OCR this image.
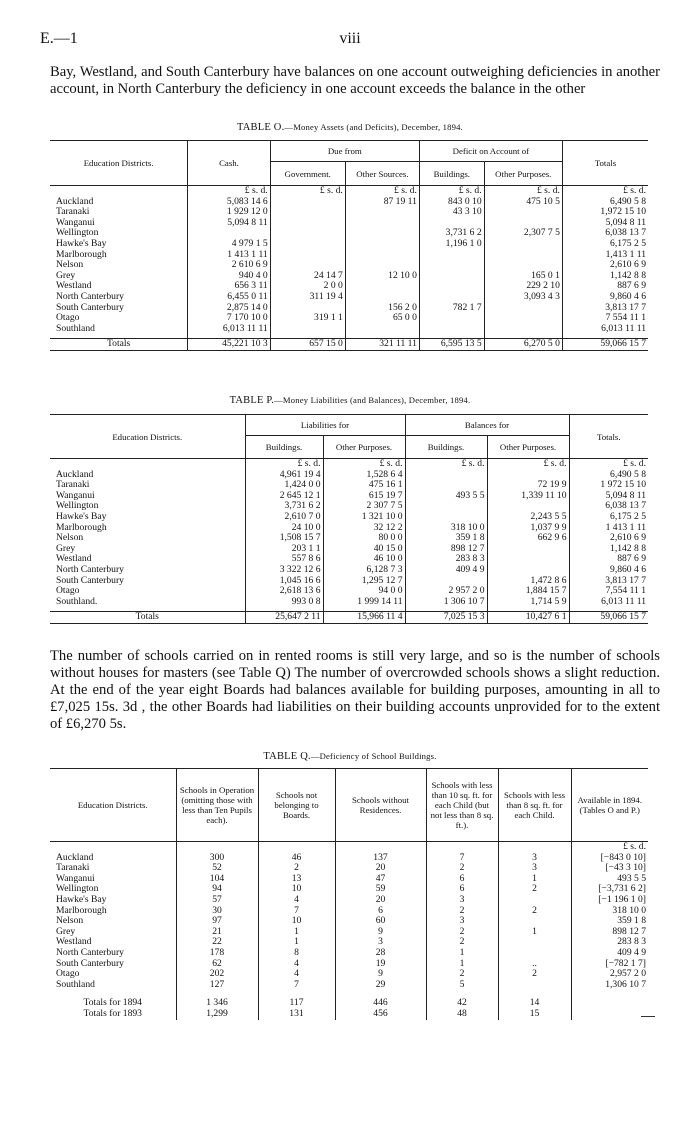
E.—1	viii

Bay, Westland, and South Canterbury have balances on one account outweighing deficiencies in another account, in North Canterbury the deficiency in one account exceeds the balance in the other

TABLE O.—Money Assets (and Deficits), December, 1894.
Education Districts.	Cash.	Due from		Deficit on Account of		Totals
		Government.	Other Sources.	Buildings.	Other Purposes.	
	£ s. d.	£ s. d.	£ s. d.	£ s. d.	£ s. d.	£ s. d.
Auckland	5,083 14 6		87 19 11	843 0 10	475 10 5	6,490 5 8
Taranaki	1 929 12 0			43 3 10		1,972 15 10
Wanganui	5,094 8 11					5,094 8 11
Wellington				3,731 6 2	2,307 7 5	6,038 13 7
Hawke's Bay	4 979 1 5			1,196 1 0		6,175 2 5
Marlborough	1 413 1 11					1,413 1 11
Nelson	2 610 6 9					2,610 6 9
Grey	940 4 0	24 14 7	12 10 0		165 0 1	1,142 8 8
Westland	656 3 11	2 0 0			229 2 10	887 6 9
North Canterbury	6,455 0 11	311 19 4			3,093 4 3	9,860 4 6
South Canterbury	2,875 14 0		156 2 0	782 1 7		3,813 17 7
Otago	7 170 10 0	319 1 1	65 0 0			7 554 11 1
Southland	6,013 11 11					6,013 11 11
Totals	45,221 10 3	657 15 0	321 11 11	6,595 13 5	6,270 5 0	59,066 15 7
TABLE P.—Money Liabilities (and Balances), December, 1894.
Education Districts.	Liabilities for		Balances for		Totals.
	Buildings.	Other Purposes.	Buildings.	Other Purposes.	
	£ s. d.	£ s. d.	£ s. d.	£ s. d.	£ s. d.
Auckland	4,961 19 4	1,528 6 4			6,490 5 8
Taranaki	1,424 0 0	475 16 1		72 19 9	1 972 15 10
Wanganui	2 645 12 1	615 19 7	493 5 5	1,339 11 10	5,094 8 11
Wellington	3,731 6 2	2 307 7 5			6,038 13 7
Hawke's Bay	2,610 7 0	1 321 10 0		2,243 5 5	6,175 2 5
Marlborough	24 10 0	32 12 2	318 10 0	1,037 9 9	1 413 1 11
Nelson	1,508 15 7	80 0 0	359 1 8	662 9 6	2,610 6 9
Grey	203 1 1	40 15 0	898 12 7		1,142 8 8
Westland	557 8 6	46 10 0	283 8 3		887 6 9
North Canterbury	3 322 12 6	6,128 7 3	409 4 9		9,860 4 6
South Canterbury	1,045 16 6	1,295 12 7		1,472 8 6	3,813 17 7
Otago	2,618 13 6	94 0 0	2 957 2 0	1,884 15 7	7,554 11 1
Southland.	993 0 8	1 999 14 11	1 306 10 7	1,714 5 9	6,013 11 11
Totals	25,647 2 11	15,966 11 4	7,025 15 3	10,427 6 1	59,066 15 7

The number of schools carried on in rented rooms is still very large, and so is the number of schools without houses for masters (see Table Q) The number of overcrowded schools shows a slight reduction. At the end of the year eight Boards had balances available for building purposes, amounting in all to £7,025 15s. 3d , the other Boards had liabilities on their building accounts unprovided for to the extent of £6,270 5s.

TABLE Q.—Deficiency of School Buildings.
Education Districts.	Schools in Operation (omitting those with less than Ten Pupils each).	Schools not belonging to Boards.	Schools without Residences.	Schools with less than 10 sq. ft. for each Child (but not less than 8 sq. ft.).	Schools with less than 8 sq. ft. for each Child.	Available in 1894. (Tables O and P.)
						£ s. d.
Auckland	300	46	137	7	3	[−843 0 10]
Taranaki	52	2	20	2	3	[−43 3 10]
Wanganui	104	13	47	6	1	493 5 5
Wellington	94	10	59	6	2	[−3,731 6 2]
Hawke's Bay	57	4	20	3		[−1 196 1 0]
Marlborough	30	7	6	2	2	318 10 0
Nelson	97	10	60	3		359 1 8
Grey	21	1	9	2	1	898 12 7
Westland	22	1	3	2		283 8 3
North Canterbury	178	8	28	1		409 4 9
South Canterbury	62	4	19	1	..	[−782 1 7]
Otago	202	4	9	2	2	2,957 2 0
Southland	127	7	29	5		1,306 10 7
Totals for 1894	1 346	117	446	42	14	
Totals for 1893	1,299	131	456	48	15	
